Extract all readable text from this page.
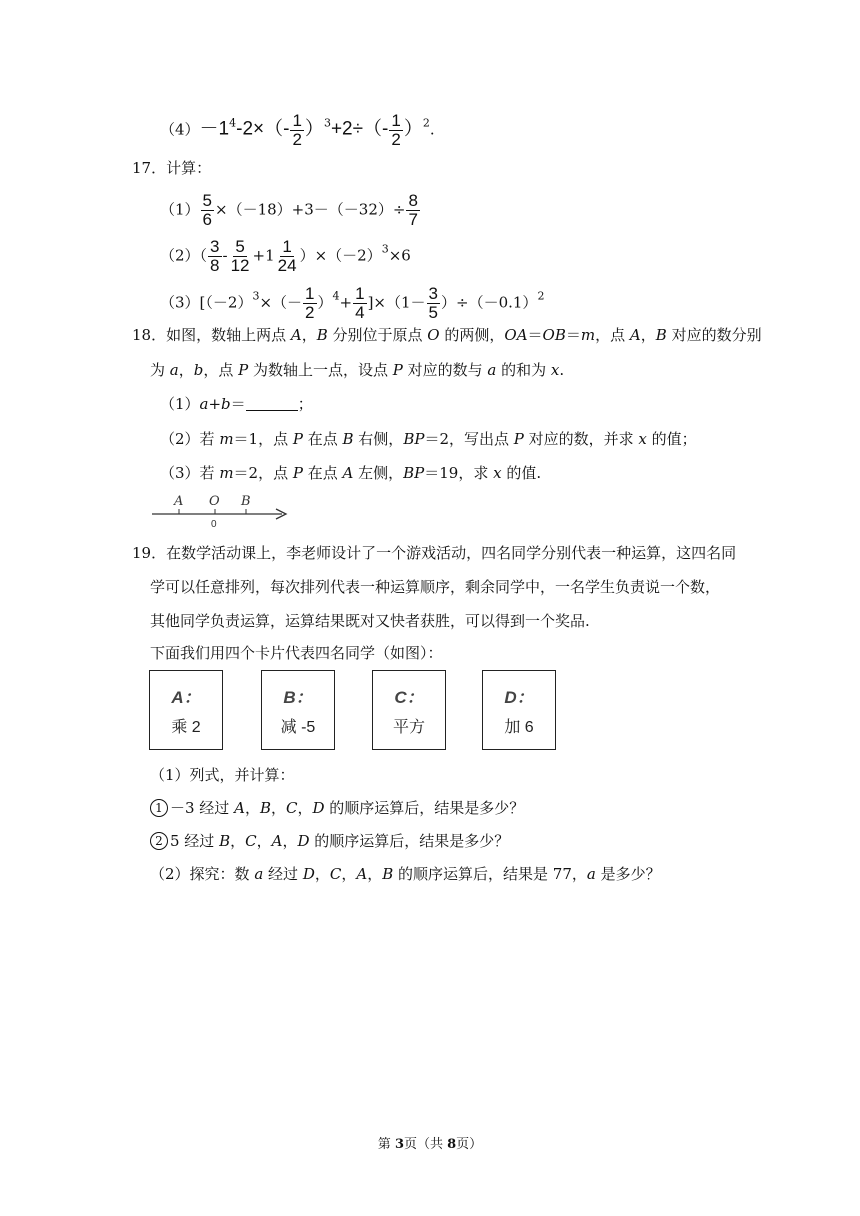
$(4)-1^4-2\times(- \frac{1}{2} )^3+2\div(- \frac{1}{2} )^2$.
17．计算：
$(1) \frac{5}{6} \times(-18)+3-(-32)\div \frac{8}{7}$
$(2)( \frac{3}{8} - \frac{5}{12} +1 \frac{1}{24} )\times(-2)^3\times 6$
$(3)[(-2)^3\times(- \frac{1}{2} )^4+ \frac{1}{4} ]\times(1- \frac{3}{5} )\div(-0.1)^2$
18．如图，数轴上两点 A，B 分别位于原点 O 的两侧，OA＝OB＝m，点 A，B 对应的数分别
为 a，b，点 P 为数轴上一点，设点 P 对应的数与 a 的和为 x.
（1）a+b＝	；
（2）若 m＝1，点 P 在点 B 右侧，BP＝2，写出点 P 对应的数，并求 x 的值；
（3）若 m＝2，点 P 在点 A 左侧，BP＝19，求 x 的值.
A O B
0
19．在数学活动课上，李老师设计了一个游戏活动，四名同学分别代表一种运算，这四名同
学可以任意排列，每次排列代表一种运算顺序，剩余同学中，一名学生负责说一个数，
其他同学负责运算，运算结果既对又快者获胜，可以得到一个奖品.
下面我们用四个卡片代表四名同学（如图）：
A：
乘 2
B：
减 -5
C：
平方
D：
加 6
（1）列式，并计算：
1 －3 经过 A，B，C，D 的顺序运算后，结果是多少？
2 5 经过 B，C，A，D 的顺序运算后，结果是多少？
（2）探究：数 a 经过 D，C，A，B 的顺序运算后，结果是 77，a 是多少？
第 3页（共 8页）
